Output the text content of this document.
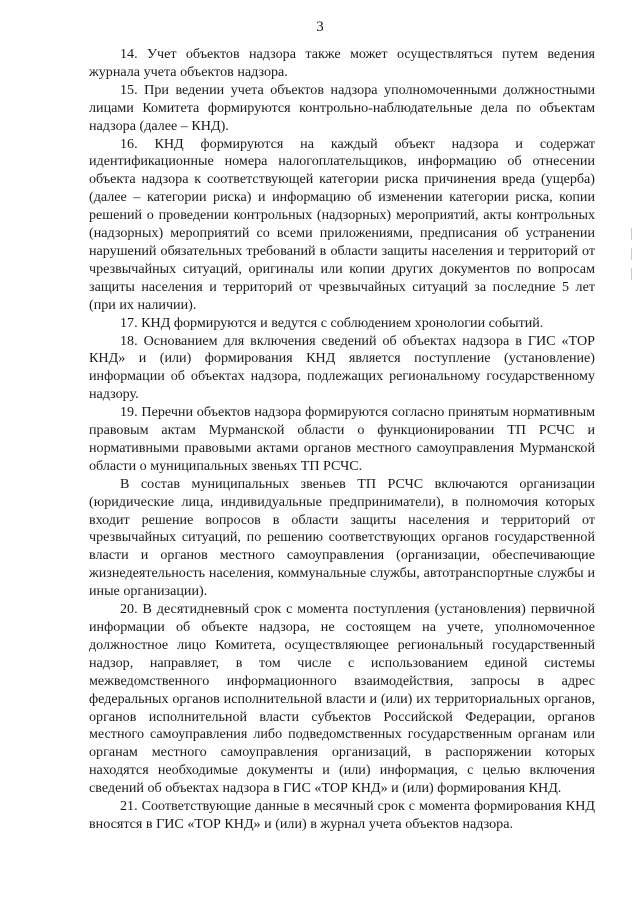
3

14. Учет объектов надзора также может осуществляться путем ведения журнала учета объектов надзора.

15. При ведении учета объектов надзора уполномоченными должностными лицами Комитета формируются контрольно-наблюдательные дела по объектам надзора (далее – КНД).

16. КНД формируются на каждый объект надзора и содержат идентификационные номера налогоплательщиков, информацию об отнесении объекта надзора к соответствующей категории риска причинения вреда (ущерба) (далее – категории риска) и информацию об изменении категории риска, копии решений о проведении контрольных (надзорных) мероприятий, акты контрольных (надзорных) мероприятий со всеми приложениями, предписания об устранении нарушений обязательных требований в области защиты населения и территорий от чрезвычайных ситуаций, оригиналы или копии других документов по вопросам защиты населения и территорий от чрезвычайных ситуаций за последние 5 лет (при их наличии).

17. КНД формируются и ведутся с соблюдением хронологии событий.

18. Основанием для включения сведений об объектах надзора в ГИС «ТОР КНД» и (или) формирования КНД является поступление (установление) информации об объектах надзора, подлежащих региональному государственному надзору.

19. Перечни объектов надзора формируются согласно принятым нормативным правовым актам Мурманской области о функционировании ТП РСЧС и нормативными правовыми актами органов местного самоуправления Мурманской области о муниципальных звеньях ТП РСЧС.

В состав муниципальных звеньев ТП РСЧС включаются организации (юридические лица, индивидуальные предприниматели), в полномочия которых входит решение вопросов в области защиты населения и территорий от чрезвычайных ситуаций, по решению соответствующих органов государственной власти и органов местного самоуправления (организации, обеспечивающие жизнедеятельность населения, коммунальные службы, автотранспортные службы и иные организации).

20. В десятидневный срок с момента поступления (установления) первичной информации об объекте надзора, не состоящем на учете, уполномоченное должностное лицо Комитета, осуществляющее региональный государственный надзор, направляет, в том числе с использованием единой системы межведомственного информационного взаимодействия, запросы в адрес федеральных органов исполнительной власти и (или) их территориальных органов, органов исполнительной власти субъектов Российской Федерации, органов местного самоуправления либо подведомственных государственным органам или органам местного самоуправления организаций, в распоряжении которых находятся необходимые документы и (или) информация, с целью включения сведений об объектах надзора в ГИС «ТОР КНД» и (или) формирования КНД.

21. Соответствующие данные в месячный срок с момента формирования КНД вносятся в ГИС «ТОР КНД» и (или) в журнал учета объектов надзора.
